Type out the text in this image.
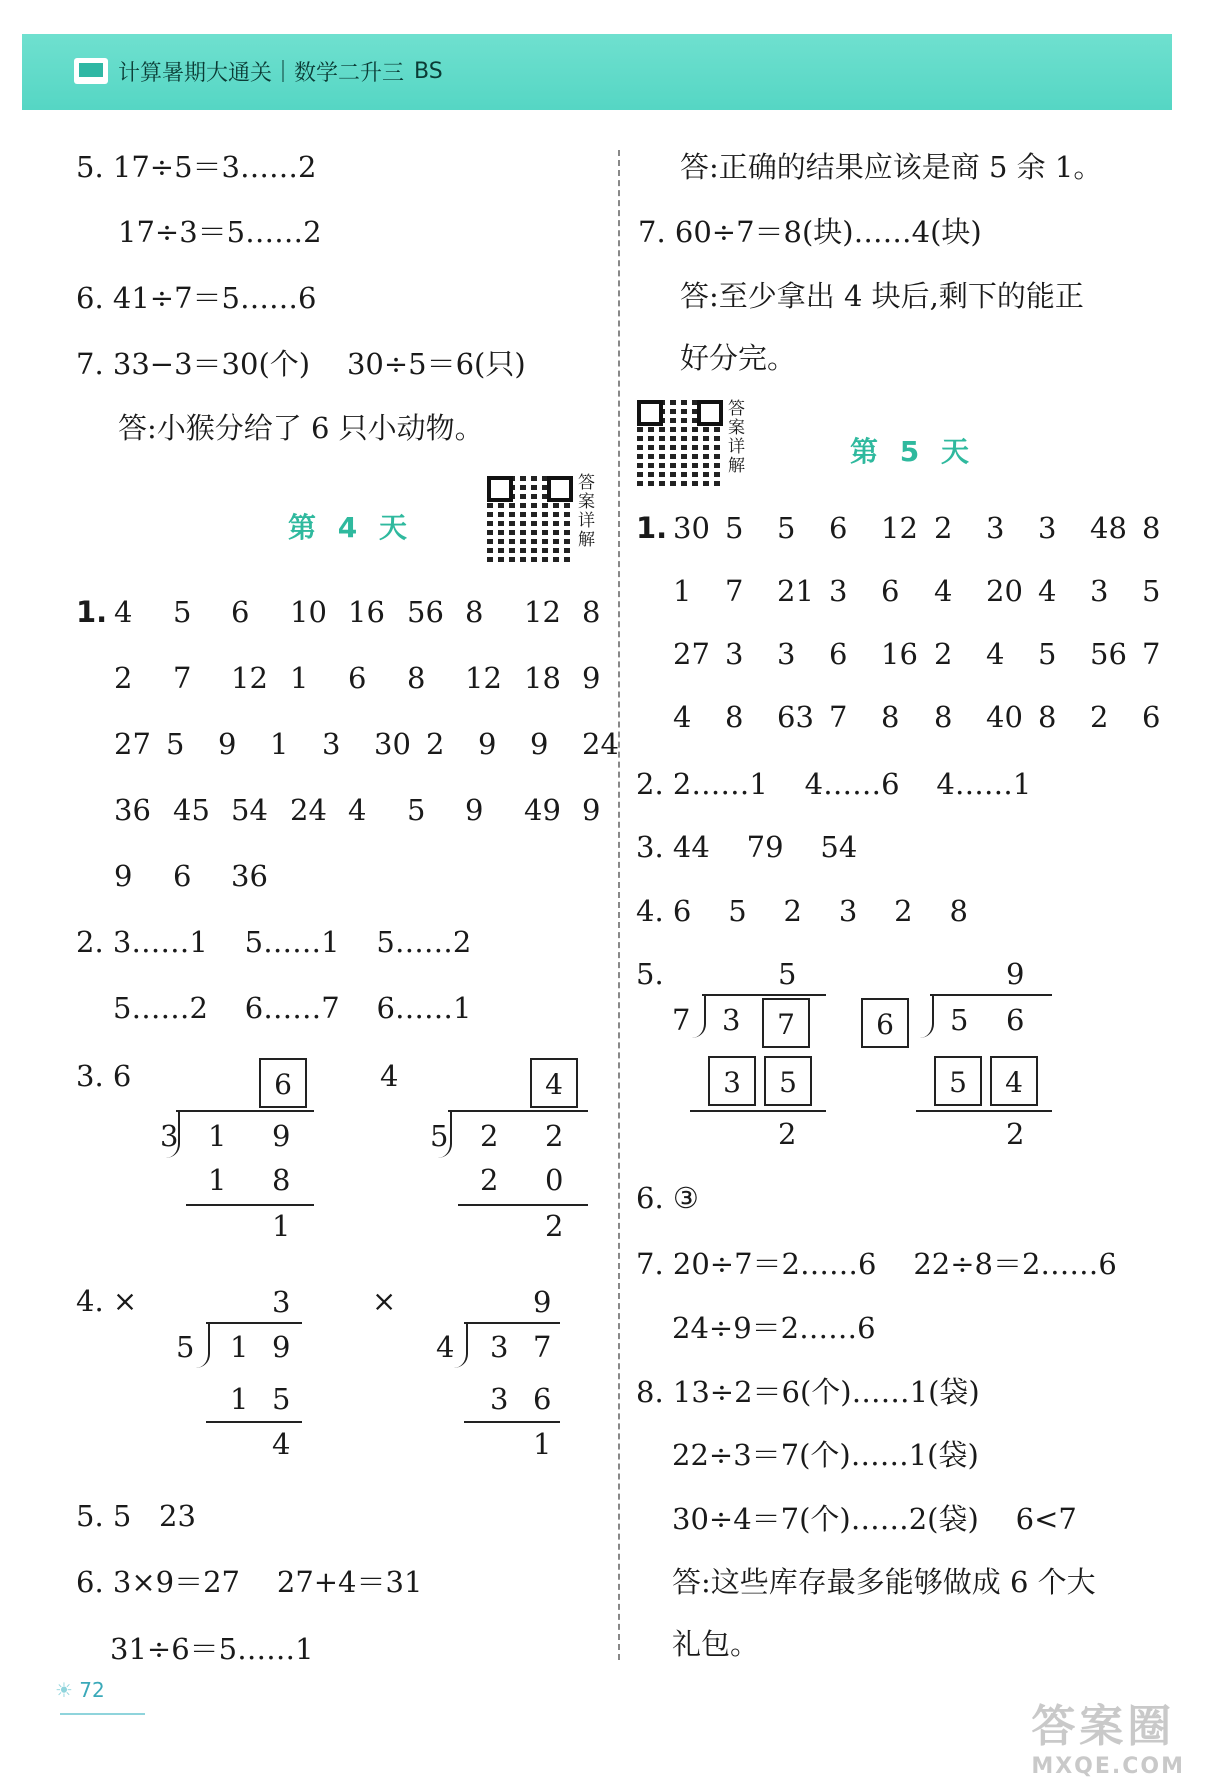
计算暑期大通关 数学二升三 BS
5. 17÷5＝3……2
17÷3＝5……2
6. 41÷7＝5……6
7. 33−3＝30(个)    30÷5＝6(只)
答:小猴分给了 6 只小动物。
第 4 天
答案详解
1. 4 5 6 10 16 56 8 12 8
2 7 12 1 6 8 12 18 9
27 5 9 1 3 30 2 9 9 24
36 45 54 24 4 5 9 49 9
9 6 36
2. 3……1    5……1    5……2
5……2    6……7    6……1
3. 6	6
3 1 9
1 8
1
4	4
5 2 2
2 0
2
4. ×	3
5 1 9
1 5
4
×	9
4 3 7
3 6
1
5. 5   23
6. 3×9＝27    27+4＝31
31÷6＝5……1
答:正确的结果应该是商 5 余 1。
7. 60÷7＝8(块)……4(块)
答:至少拿出 4 块后,剩下的能正
好分完。
答案详解	第 5 天
1. 30 5 5 6 12 2 3 3 48 8
1 7 21 3 6 4 20 4 3 5
27 3 3 6 16 2 4 5 56 7
4 8 63 7 8 8 40 8 2 6
2. 2……1    4……6    4……1
3. 44    79    54
4. 6    5    2    3    2    8
5.	5
7 3	7
3	5
2
9
6	5 6
5	4
2
6. ③
7. 20÷7＝2……6    22÷8＝2……6
24÷9＝2……6
8. 13÷2＝6(个)……1(袋)
22÷3＝7(个)……1(袋)
30÷4＝7(个)……2(袋)    6<7
答:这些库存最多能够做成 6 个大
礼包。
☀ 72
答案圈
MXQE.COM
